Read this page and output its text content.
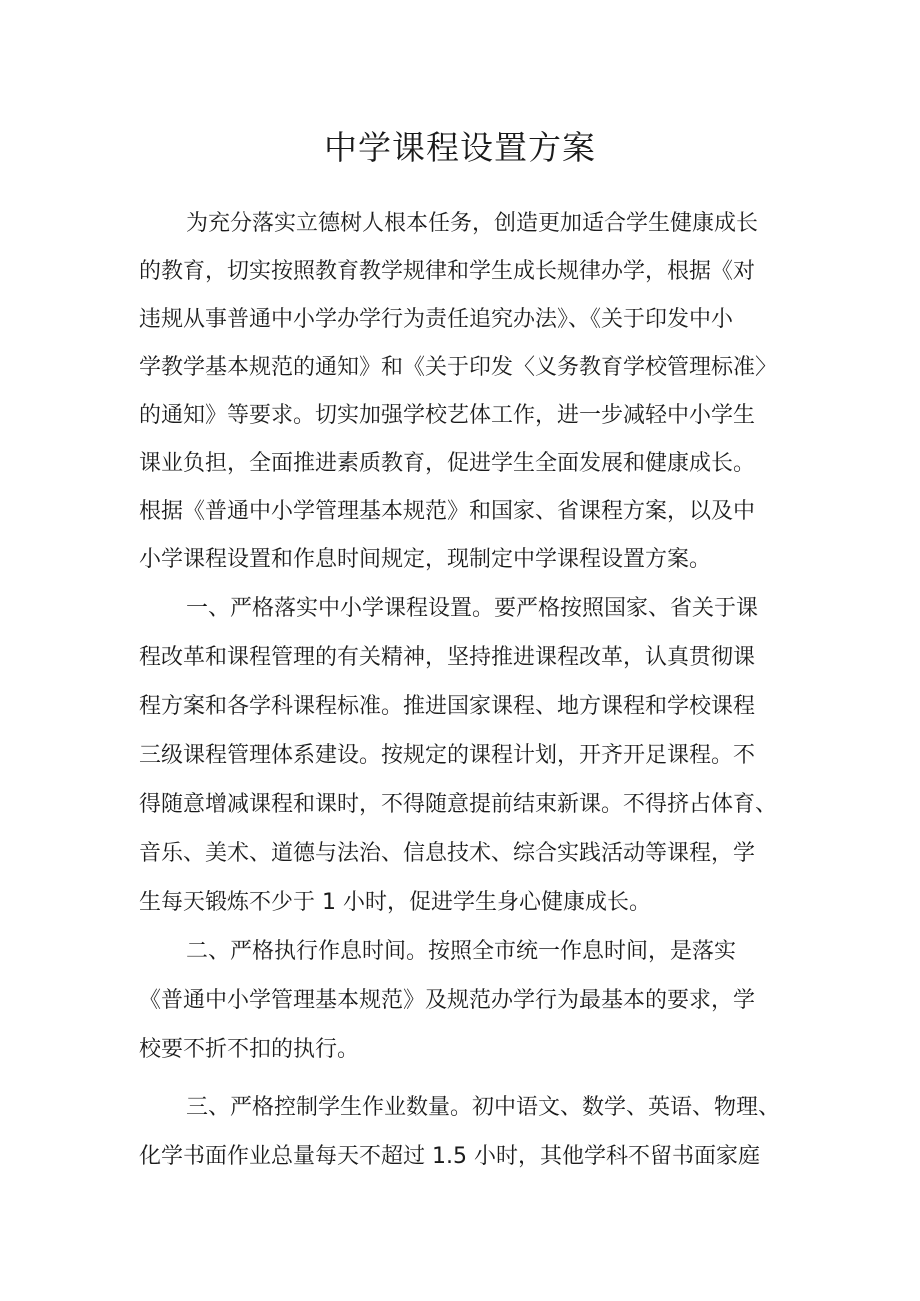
中学课程设置方案
为充分落实立德树人根本任务，创造更加适合学生健康成长
的教育，切实按照教育教学规律和学生成长规律办学，根据《对
违规从事普通中小学办学行为责任追究办法》、《关于印发中小
学教学基本规范的通知》和《关于印发〈义务教育学校管理标准〉
的通知》等要求。切实加强学校艺体工作，进一步减轻中小学生
课业负担，全面推进素质教育，促进学生全面发展和健康成长。
根据《普通中小学管理基本规范》和国家、省课程方案，以及中
小学课程设置和作息时间规定，现制定中学课程设置方案。
一、严格落实中小学课程设置。要严格按照国家、省关于课
程改革和课程管理的有关精神，坚持推进课程改革，认真贯彻课
程方案和各学科课程标准。推进国家课程、地方课程和学校课程
三级课程管理体系建设。按规定的课程计划，开齐开足课程。不
得随意增减课程和课时，不得随意提前结束新课。不得挤占体育、
音乐、美术、道德与法治、信息技术、综合实践活动等课程，学
生每天锻炼不少于 1 小时，促进学生身心健康成长。
二、严格执行作息时间。按照全市统一作息时间，是落实
《普通中小学管理基本规范》及规范办学行为最基本的要求，学
校要不折不扣的执行。
三、严格控制学生作业数量。初中语文、数学、英语、物理、
化学书面作业总量每天不超过 1.5 小时，其他学科不留书面家庭
